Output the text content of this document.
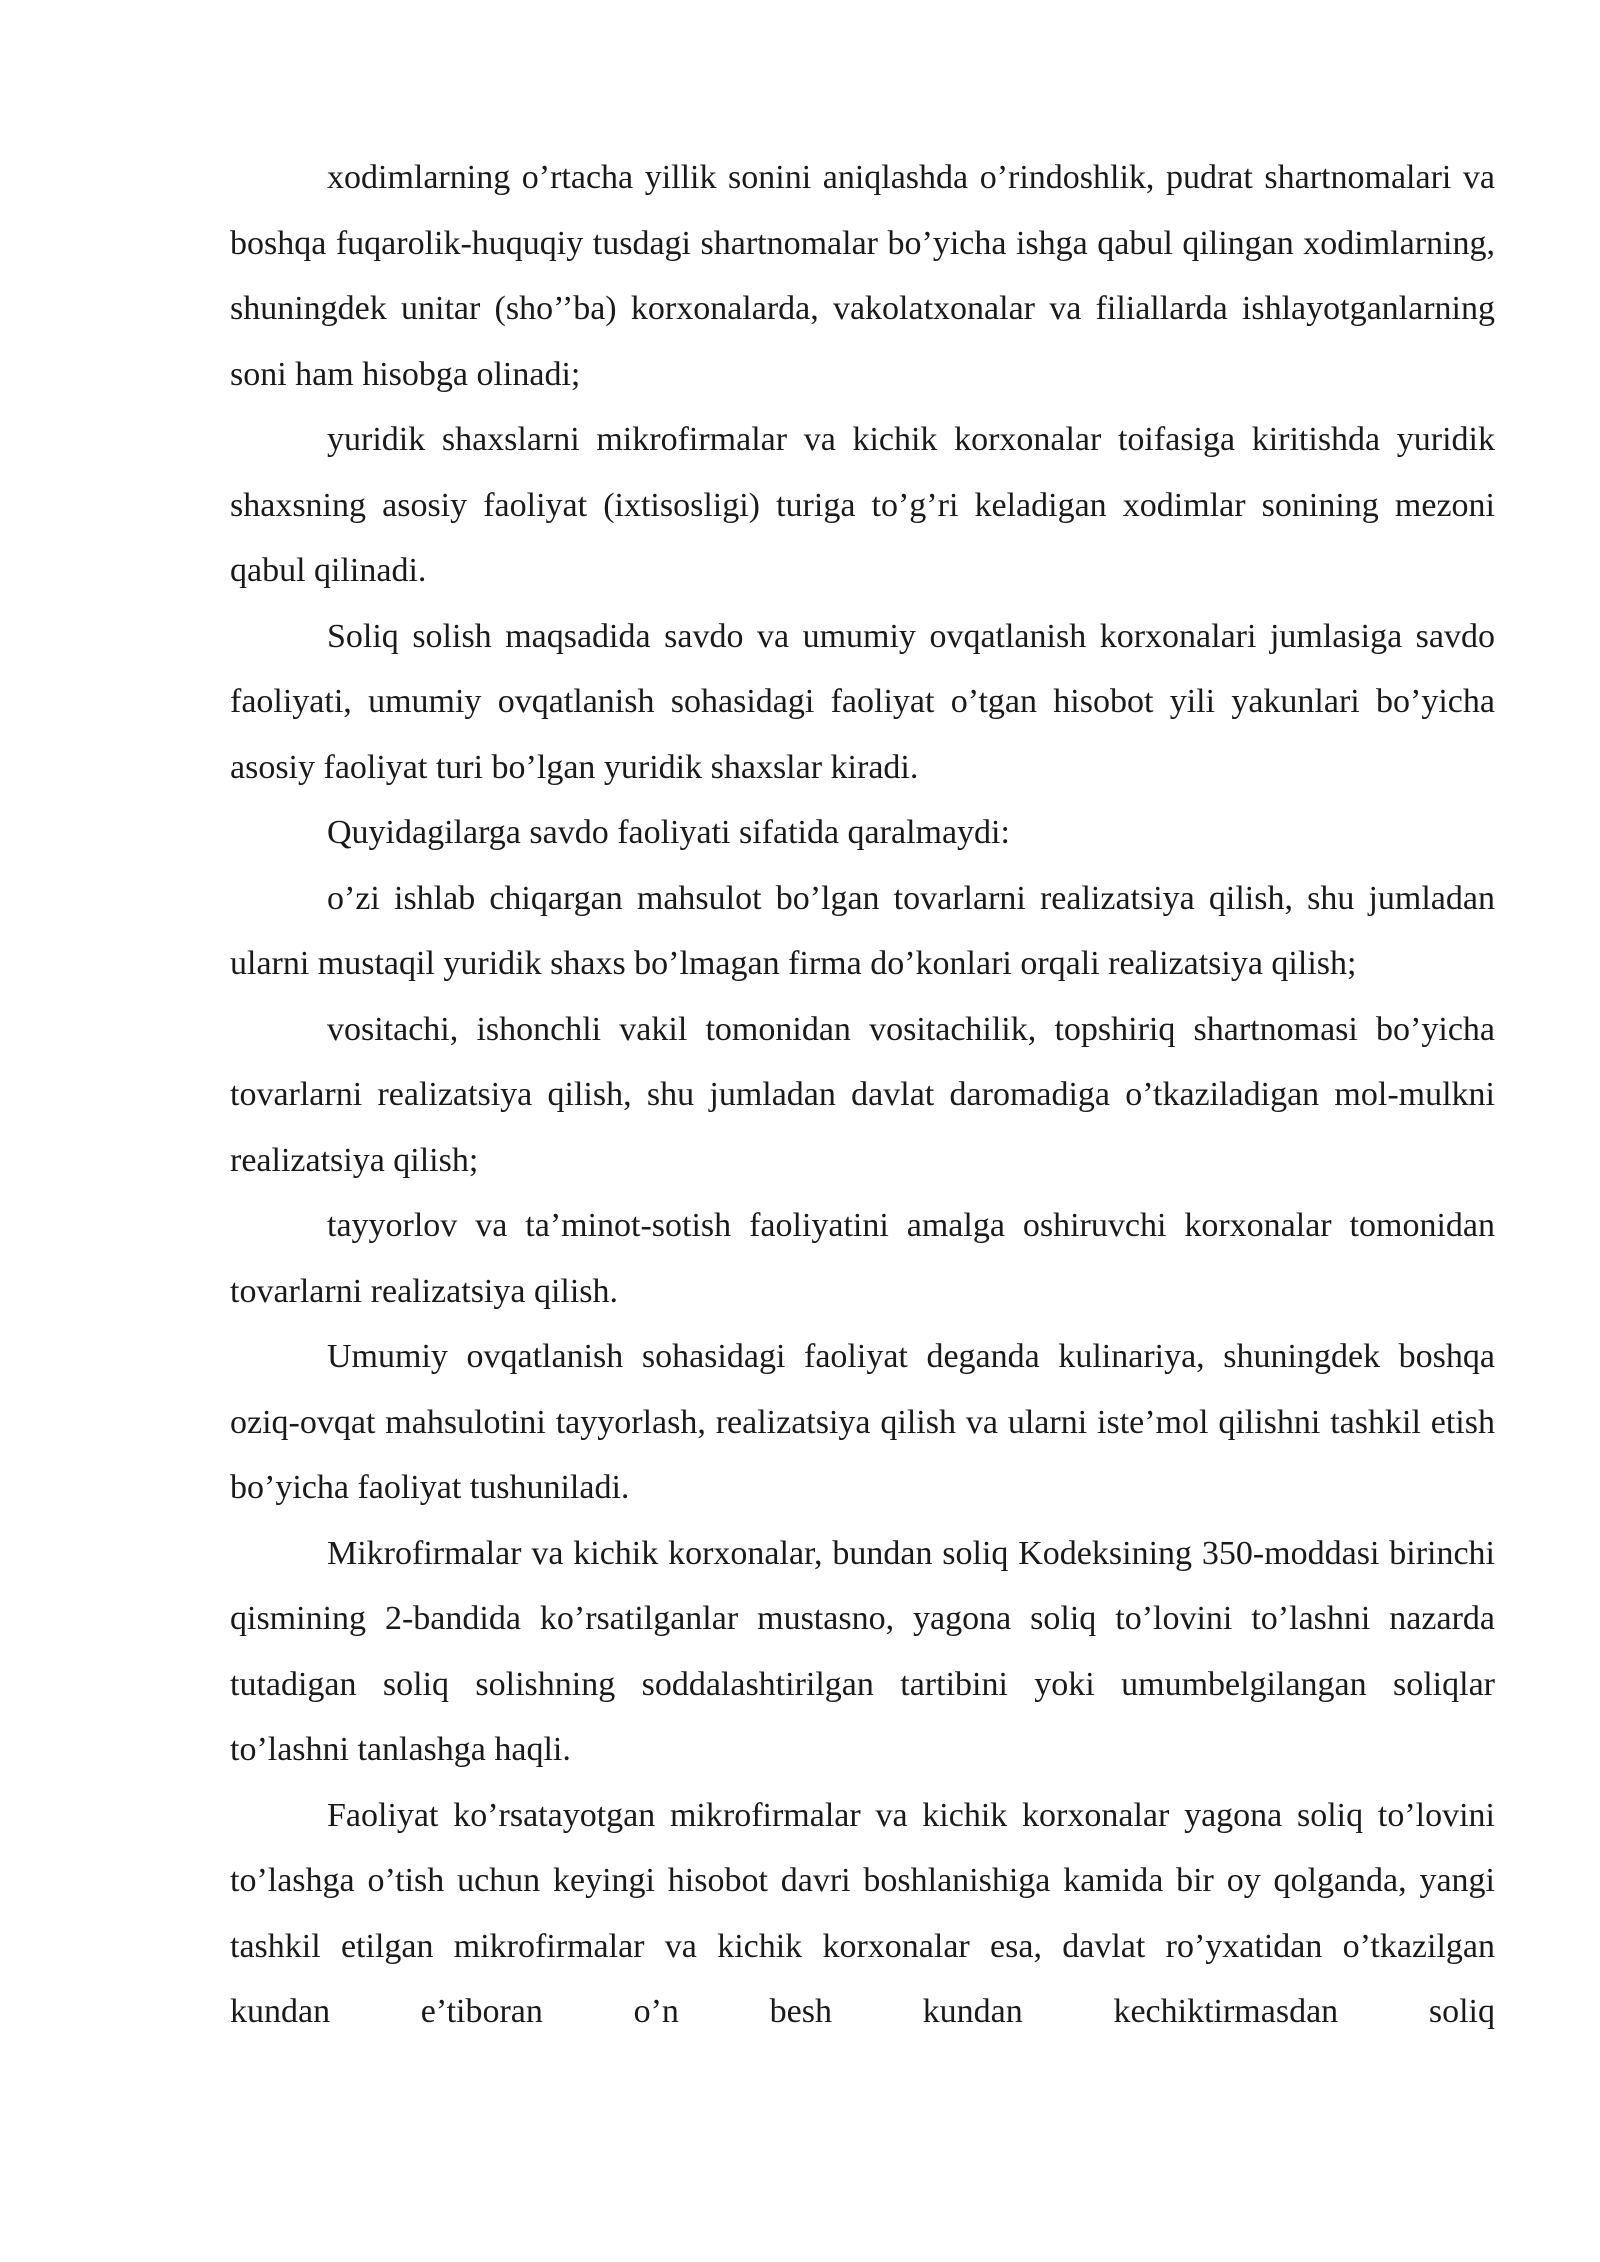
xodimlarning o’rtacha yillik sonini aniqlashda o’rindoshlik, pudrat shartnomalari va boshqa fuqarolik-huquqiy tusdagi shartnomalar bo’yicha ishga qabul qilingan xodimlarning, shuningdek unitar (sho’’ba) korxonalarda, vakolatxonalar va filiallarda ishlayotganlarning soni ham hisobga olinadi;

yuridik shaxslarni mikrofirmalar va kichik korxonalar toifasiga kiritishda yuridik shaxsning asosiy faoliyat (ixtisosligi) turiga to’g’ri keladigan xodimlar sonining mezoni qabul qilinadi.

Soliq solish maqsadida savdo va umumiy ovqatlanish korxonalari jumlasiga savdo faoliyati, umumiy ovqatlanish sohasidagi faoliyat o’tgan hisobot yili yakunlari bo’yicha asosiy faoliyat turi bo’lgan yuridik shaxslar kiradi.

Quyidagilarga savdo faoliyati sifatida qaralmaydi:

o’zi ishlab chiqargan mahsulot bo’lgan tovarlarni realizatsiya qilish, shu jumladan ularni mustaqil yuridik shaxs bo’lmagan firma do’konlari orqali realizatsiya qilish;

vositachi, ishonchli vakil tomonidan vositachilik, topshiriq shartnomasi bo’yicha tovarlarni realizatsiya qilish, shu jumladan davlat daromadiga o’tkaziladigan mol-mulkni realizatsiya qilish;

tayyorlov va ta’minot-sotish faoliyatini amalga oshiruvchi korxonalar tomonidan tovarlarni realizatsiya qilish.

Umumiy ovqatlanish sohasidagi faoliyat deganda kulinariya, shuningdek boshqa oziq-ovqat mahsulotini tayyorlash, realizatsiya qilish va ularni iste’mol qilishni tashkil etish bo’yicha faoliyat tushuniladi.

Mikrofirmalar va kichik korxonalar, bundan soliq Kodeksining 350-moddasi birinchi qismining 2-bandida ko’rsatilganlar mustasno, yagona soliq to’lovini to’lashni nazarda tutadigan soliq solishning soddalashtirilgan tartibini yoki umumbelgilangan soliqlar to’lashni tanlashga haqli.

Faoliyat ko’rsatayotgan mikrofirmalar va kichik korxonalar yagona soliq to’lovini to’lashga o’tish uchun keyingi hisobot davri boshlanishiga kamida bir oy qolganda, yangi tashkil etilgan mikrofirmalar va kichik korxonalar esa, davlat ro’yxatidan o’tkazilgan kundan e’tiboran o’n besh kundan kechiktirmasdan soliq
